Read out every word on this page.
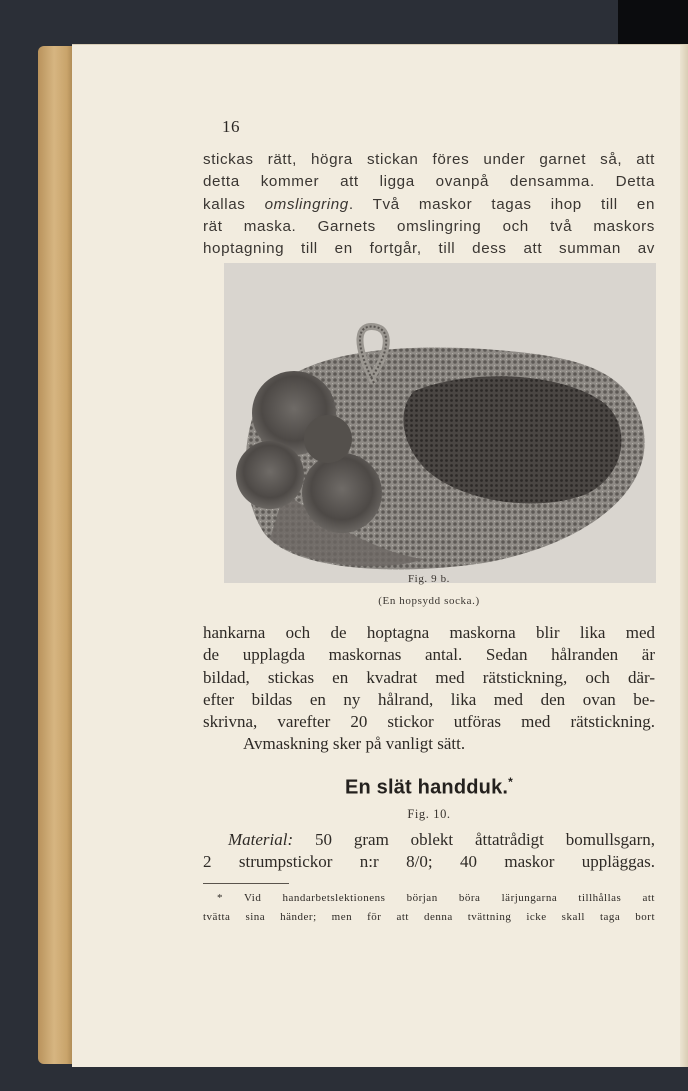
16
stickas rätt, högra stickan föres under garnet så, att
detta kommer att ligga ovanpå densamma. Detta
kallas omslingring. Två maskor tagas ihop till en
rät maska. Garnets omslingring och två maskors
hoptagning till en fortgår, till dess att summan av
Fig. 9 b.
(En hopsydd socka.)
hankarna och de hoptagna maskorna blir lika med
de upplagda maskornas antal. Sedan hålranden är
bildad, stickas en kvadrat med rätstickning, och där-
efter bildas en ny hålrand, lika med den ovan be-
skrivna, varefter 20 stickor utföras med rätstickning.
Avmaskning sker på vanligt sätt.
En slät handduk.*
Fig. 10.
Material: 50 gram oblekt åttatrådigt bomullsgarn,
2 strumpstickor n:r 8/0; 40 maskor uppläggas.
* Vid handarbetslektionens början böra lärjungarna tillhållas att
tvätta sina händer; men för att denna tvättning icke skall taga bort
